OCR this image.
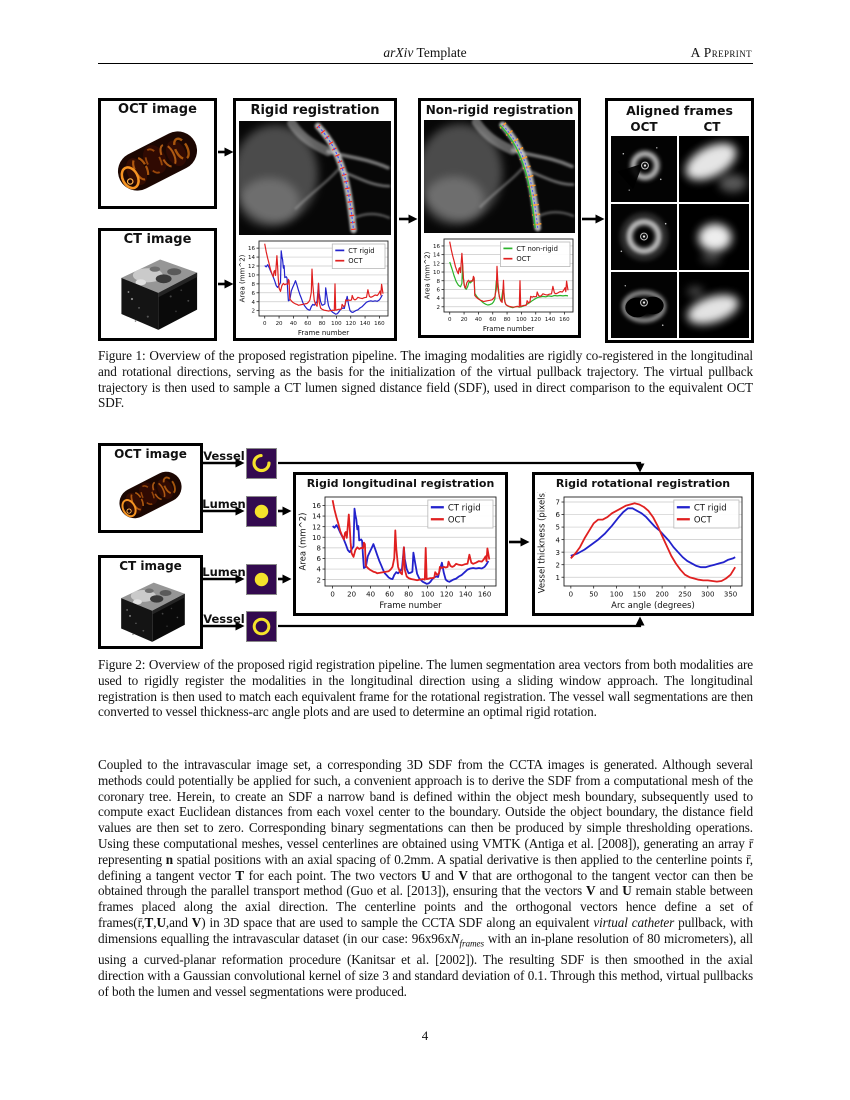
arXiv Template	A Preprint
OCT image
CT image
Rigid registration
2
4
6
8
10
12
14
16
0 20 40 60 80 100 120 140 160
Frame number
Area (mm^2)
CT rigid
OCT
Non-rigid registration
2
4
6
8
10
12
14
16
0 20 40 60 80 100 120 140 160
Frame number
Area (mm^2)
CT non-rigid
OCT
Aligned frames
OCT	CT

Figure 1: Overview of the proposed registration pipeline. The imaging modalities are rigidly co-registered in the longitudinal and rotational directions, serving as the basis for the initialization of the virtual pullback trajectory. The virtual pullback trajectory is then used to sample a CT lumen signed distance field (SDF), used in direct comparison to the equivalent OCT SDF.

OCT image
CT image
Vessel
Lumen
Lumen
Vessel
Rigid longitudinal registration
2
4
6
8
10
12
14
16
0 20 40 60 80 100 120 140 160
Frame number
Area (mm^2)
CT rigid
OCT
Rigid rotational registration
1
2
3
4
5
6
7
0 50 100 150 200 250 300 350
Arc angle (degrees)
Vessel thickness (pixels)	CT rigid
OCT

Figure 2: Overview of the proposed rigid registration pipeline. The lumen segmentation area vectors from both modalities are used to rigidly register the modalities in the longitudinal direction using a sliding window approach. The longitudinal registration is then used to match each equivalent frame for the rotational registration. The vessel wall segmentations are then converted to vessel thickness-arc angle plots and are used to determine an optimal rigid rotation.

Coupled to the intravascular image set, a corresponding 3D SDF from the CCTA images is generated. Although several methods could potentially be applied for such, a convenient approach is to derive the SDF from a computational mesh of the coronary tree. Herein, to create an SDF a narrow band is defined within the object mesh boundary, subsequently used to compute exact Euclidean distances from each voxel center to the boundary. Outside the object boundary, the distance field values are then set to zero. Corresponding binary segmentations can then be produced by simple thresholding operations. Using these computational meshes, vessel centerlines are obtained using VMTK (Antiga et al. [2008]), generating an array r̄ representing n spatial positions with an axial spacing of 0.2mm. A spatial derivative is then applied to the centerline points r̄, defining a tangent vector T for each point. The two vectors U and V that are orthogonal to the tangent vector can then be obtained through the parallel transport method (Guo et al. [2013]), ensuring that the vectors V and U remain stable between frames placed along the axial direction. The centerline points and the orthogonal vectors hence define a set of frames(r̄,T,U,and V) in 3D space that are used to sample the CCTA SDF along an equivalent virtual catheter pullback, with dimensions equalling the intravascular dataset (in our case: $96x96xN_{frames}$ with an in-plane resolution of 80 micrometers), all using a curved-planar reformation procedure (Kanitsar et al. [2002]). The resulting SDF is then smoothed in the axial direction with a Gaussian convolutional kernel of size 3 and standard deviation of 0.1. Through this method, virtual pullbacks of both the lumen and vessel segmentations were produced.

4
